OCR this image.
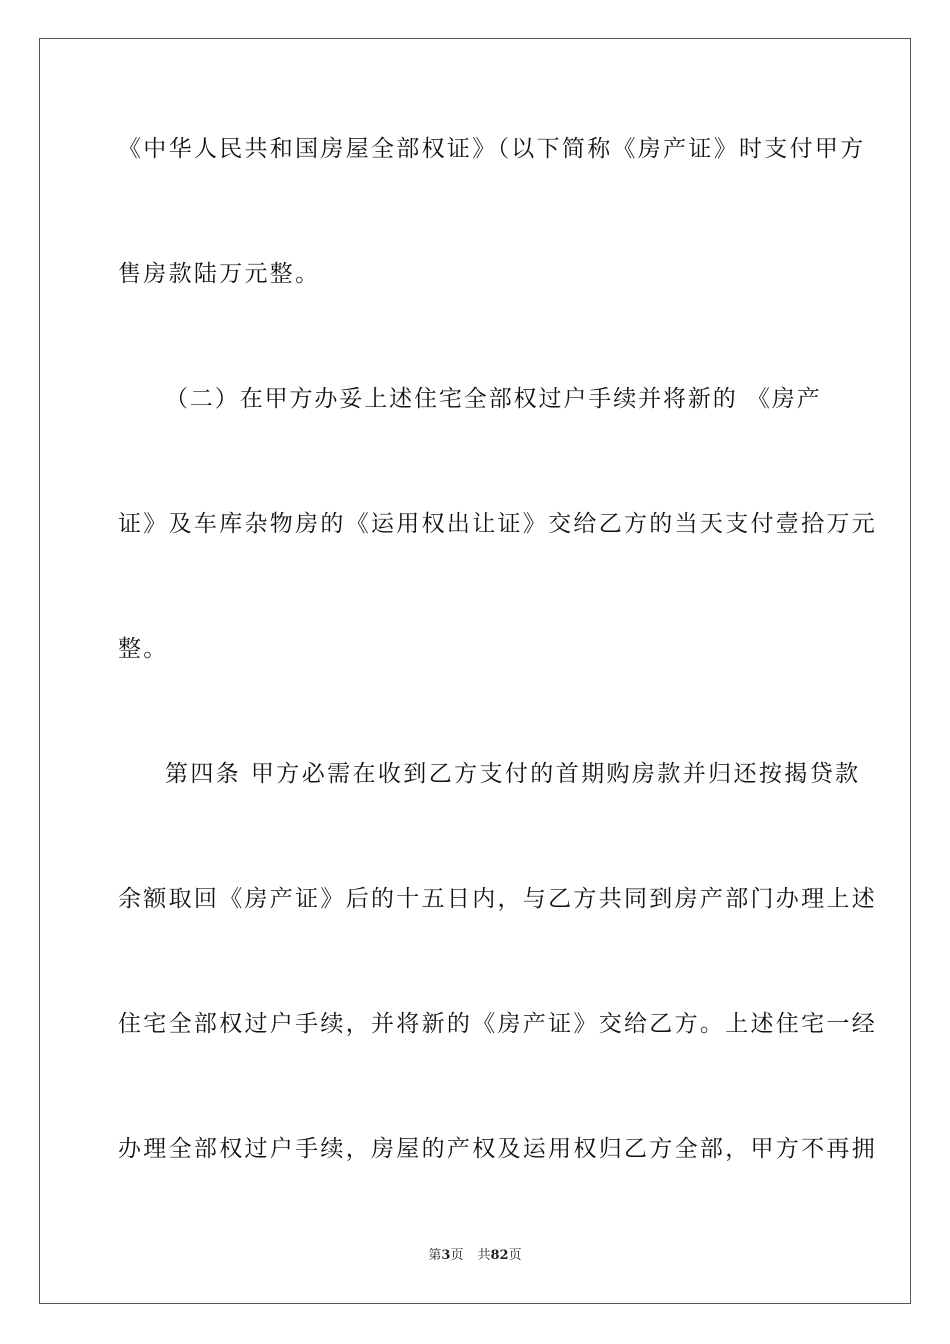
《中华人民共和国房屋全部权证》（以下简称《房产证》时支付甲方
售房款陆万元整。
（二）在甲方办妥上述住宅全部权过户手续并将新的 《房产
证》及车库杂物房的《运用权出让证》交给乙方的当天支付壹拾万元
整。
第四条 甲方必需在收到乙方支付的首期购房款并归还按揭贷款
余额取回《房产证》后的十五日内，与乙方共同到房产部门办理上述
住宅全部权过户手续，并将新的《房产证》交给乙方。上述住宅一经
办理全部权过户手续，房屋的产权及运用权归乙方全部，甲方不再拥
第3页 共82页
